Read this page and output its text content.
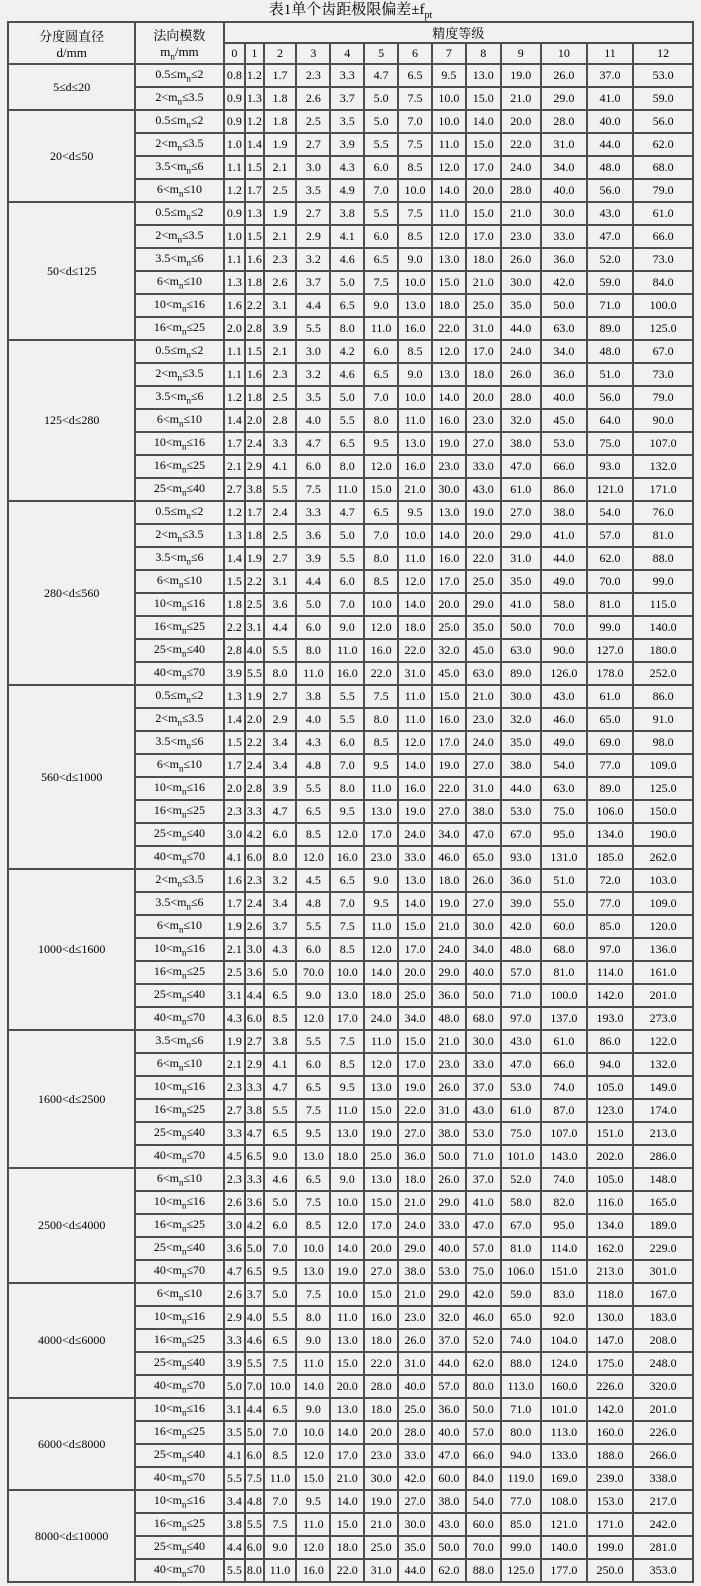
表1单个齿距极限偏差$\pm f_{pt}$
分度圆直径
d/mm

法向模数
$m_n/mm$
	精度等级
		0	1	2	3	4	5	6	7	8	9	10	11	12
5≤d≤20	$0.5\le m_n\le 2$	0.8	1.2	1.7	2.3	3.3	4.7	6.5	9.5	13.0	19.0	26.0	37.0	53.0
	$2<m_n\le 3.5$	0.9	1.3	1.8	2.6	3.7	5.0	7.5	10.0	15.0	21.0	29.0	41.0	59.0
20<d≤50	$0.5\le m_n\le 2$	0.9	1.2	1.8	2.5	3.5	5.0	7.0	10.0	14.0	20.0	28.0	40.0	56.0
	$2<m_n\le 3.5$	1.0	1.4	1.9	2.7	3.9	5.5	7.5	11.0	15.0	22.0	31.0	44.0	62.0
	$3.5<m_n\le 6$	1.1	1.5	2.1	3.0	4.3	6.0	8.5	12.0	17.0	24.0	34.0	48.0	68.0
	$6<m_n\le 10$	1.2	1.7	2.5	3.5	4.9	7.0	10.0	14.0	20.0	28.0	40.0	56.0	79.0
50<d≤125	$0.5\le m_n\le 2$	0.9	1.3	1.9	2.7	3.8	5.5	7.5	11.0	15.0	21.0	30.0	43.0	61.0
	$2<m_n\le 3.5$	1.0	1.5	2.1	2.9	4.1	6.0	8.5	12.0	17.0	23.0	33.0	47.0	66.0
	$3.5<m_n\le 6$	1.1	1.6	2.3	3.2	4.6	6.5	9.0	13.0	18.0	26.0	36.0	52.0	73.0
	$6<m_n\le 10$	1.3	1.8	2.6	3.7	5.0	7.5	10.0	15.0	21.0	30.0	42.0	59.0	84.0
	$10<m_n\le 16$	1.6	2.2	3.1	4.4	6.5	9.0	13.0	18.0	25.0	35.0	50.0	71.0	100.0
	$16<m_n\le 25$	2.0	2.8	3.9	5.5	8.0	11.0	16.0	22.0	31.0	44.0	63.0	89.0	125.0
125<d≤280	$0.5\le m_n\le 2$	1.1	1.5	2.1	3.0	4.2	6.0	8.5	12.0	17.0	24.0	34.0	48.0	67.0
	$2<m_n\le 3.5$	1.1	1.6	2.3	3.2	4.6	6.5	9.0	13.0	18.0	26.0	36.0	51.0	73.0
	$3.5<m_n\le 6$	1.2	1.8	2.5	3.5	5.0	7.0	10.0	14.0	20.0	28.0	40.0	56.0	79.0
	$6<m_n\le 10$	1.4	2.0	2.8	4.0	5.5	8.0	11.0	16.0	23.0	32.0	45.0	64.0	90.0
	$10<m_n\le 16$	1.7	2.4	3.3	4.7	6.5	9.5	13.0	19.0	27.0	38.0	53.0	75.0	107.0
	$16<m_n\le 25$	2.1	2.9	4.1	6.0	8.0	12.0	16.0	23.0	33.0	47.0	66.0	93.0	132.0
	$25<m_n\le 40$	2.7	3.8	5.5	7.5	11.0	15.0	21.0	30.0	43.0	61.0	86.0	121.0	171.0
280<d≤560	$0.5\le m_n\le 2$	1.2	1.7	2.4	3.3	4.7	6.5	9.5	13.0	19.0	27.0	38.0	54.0	76.0
	$2<m_n\le 3.5$	1.3	1.8	2.5	3.6	5.0	7.0	10.0	14.0	20.0	29.0	41.0	57.0	81.0
	$3.5<m_n\le 6$	1.4	1.9	2.7	3.9	5.5	8.0	11.0	16.0	22.0	31.0	44.0	62.0	88.0
	$6<m_n\le 10$	1.5	2.2	3.1	4.4	6.0	8.5	12.0	17.0	25.0	35.0	49.0	70.0	99.0
	$10<m_n\le 16$	1.8	2.5	3.6	5.0	7.0	10.0	14.0	20.0	29.0	41.0	58.0	81.0	115.0
	$16<m_n\le 25$	2.2	3.1	4.4	6.0	9.0	12.0	18.0	25.0	35.0	50.0	70.0	99.0	140.0
	$25<m_n\le 40$	2.8	4.0	5.5	8.0	11.0	16.0	22.0	32.0	45.0	63.0	90.0	127.0	180.0
	$40<m_n\le 70$	3.9	5.5	8.0	11.0	16.0	22.0	31.0	45.0	63.0	89.0	126.0	178.0	252.0
560<d≤1000	$0.5\le m_n\le 2$	1.3	1.9	2.7	3.8	5.5	7.5	11.0	15.0	21.0	30.0	43.0	61.0	86.0
	$2<m_n\le 3.5$	1.4	2.0	2.9	4.0	5.5	8.0	11.0	16.0	23.0	32.0	46.0	65.0	91.0
	$3.5<m_n\le 6$	1.5	2.2	3.4	4.3	6.0	8.5	12.0	17.0	24.0	35.0	49.0	69.0	98.0
	$6<m_n\le 10$	1.7	2.4	3.4	4.8	7.0	9.5	14.0	19.0	27.0	38.0	54.0	77.0	109.0
	$10<m_n\le 16$	2.0	2.8	3.9	5.5	8.0	11.0	16.0	22.0	31.0	44.0	63.0	89.0	125.0
	$16<m_n\le 25$	2.3	3.3	4.7	6.5	9.5	13.0	19.0	27.0	38.0	53.0	75.0	106.0	150.0
	$25<m_n\le 40$	3.0	4.2	6.0	8.5	12.0	17.0	24.0	34.0	47.0	67.0	95.0	134.0	190.0
	$40<m_n\le 70$	4.1	6.0	8.0	12.0	16.0	23.0	33.0	46.0	65.0	93.0	131.0	185.0	262.0
1000<d≤1600	$2<m_n\le 3.5$	1.6	2.3	3.2	4.5	6.5	9.0	13.0	18.0	26.0	36.0	51.0	72.0	103.0
	$3.5<m_n\le 6$	1.7	2.4	3.4	4.8	7.0	9.5	14.0	19.0	27.0	39.0	55.0	77.0	109.0
	$6<m_n\le 10$	1.9	2.6	3.7	5.5	7.5	11.0	15.0	21.0	30.0	42.0	60.0	85.0	120.0
	$10<m_n\le 16$	2.1	3.0	4.3	6.0	8.5	12.0	17.0	24.0	34.0	48.0	68.0	97.0	136.0
	$16<m_n\le 25$	2.5	3.6	5.0	70.0	10.0	14.0	20.0	29.0	40.0	57.0	81.0	114.0	161.0
	$25<m_n\le 40$	3.1	4.4	6.5	9.0	13.0	18.0	25.0	36.0	50.0	71.0	100.0	142.0	201.0
	$40<m_n\le 70$	4.3	6.0	8.5	12.0	17.0	24.0	34.0	48.0	68.0	97.0	137.0	193.0	273.0
1600<d≤2500	$3.5<m_n\le 6$	1.9	2.7	3.8	5.5	7.5	11.0	15.0	21.0	30.0	43.0	61.0	86.0	122.0
	$6<m_n\le 10$	2.1	2.9	4.1	6.0	8.5	12.0	17.0	23.0	33.0	47.0	66.0	94.0	132.0
	$10<m_n\le 16$	2.3	3.3	4.7	6.5	9.5	13.0	19.0	26.0	37.0	53.0	74.0	105.0	149.0
	$16<m_n\le 25$	2.7	3.8	5.5	7.5	11.0	15.0	22.0	31.0	43.0	61.0	87.0	123.0	174.0
	$25<m_n\le 40$	3.3	4.7	6.5	9.5	13.0	19.0	27.0	38.0	53.0	75.0	107.0	151.0	213.0
	$40<m_n\le 70$	4.5	6.5	9.0	13.0	18.0	25.0	36.0	50.0	71.0	101.0	143.0	202.0	286.0
2500<d≤4000	$6<m_n\le 10$	2.3	3.3	4.6	6.5	9.0	13.0	18.0	26.0	37.0	52.0	74.0	105.0	148.0
	$10<m_n\le 16$	2.6	3.6	5.0	7.5	10.0	15.0	21.0	29.0	41.0	58.0	82.0	116.0	165.0
	$16<m_n\le 25$	3.0	4.2	6.0	8.5	12.0	17.0	24.0	33.0	47.0	67.0	95.0	134.0	189.0
	$25<m_n\le 40$	3.6	5.0	7.0	10.0	14.0	20.0	29.0	40.0	57.0	81.0	114.0	162.0	229.0
	$40<m_n\le 70$	4.7	6.5	9.5	13.0	19.0	27.0	38.0	53.0	75.0	106.0	151.0	213.0	301.0
4000<d≤6000	$6<m_n\le 10$	2.6	3.7	5.0	7.5	10.0	15.0	21.0	29.0	42.0	59.0	83.0	118.0	167.0
	$10<m_n\le 16$	2.9	4.0	5.5	8.0	11.0	16.0	23.0	32.0	46.0	65.0	92.0	130.0	183.0
	$16<m_n\le 25$	3.3	4.6	6.5	9.0	13.0	18.0	26.0	37.0	52.0	74.0	104.0	147.0	208.0
	$25<m_n\le 40$	3.9	5.5	7.5	11.0	15.0	22.0	31.0	44.0	62.0	88.0	124.0	175.0	248.0
	$40<m_n\le 70$	5.0	7.0	10.0	14.0	20.0	28.0	40.0	57.0	80.0	113.0	160.0	226.0	320.0
6000<d≤8000	$10<m_n\le 16$	3.1	4.4	6.5	9.0	13.0	18.0	25.0	36.0	50.0	71.0	101.0	142.0	201.0
	$16<m_n\le 25$	3.5	5.0	7.0	10.0	14.0	20.0	28.0	40.0	57.0	80.0	113.0	160.0	226.0
	$25<m_n\le 40$	4.1	6.0	8.5	12.0	17.0	23.0	33.0	47.0	66.0	94.0	133.0	188.0	266.0
	$40<m_n\le 70$	5.5	7.5	11.0	15.0	21.0	30.0	42.0	60.0	84.0	119.0	169.0	239.0	338.0
8000<d≤10000	$10<m_n\le 16$	3.4	4.8	7.0	9.5	14.0	19.0	27.0	38.0	54.0	77.0	108.0	153.0	217.0
	$16<m_n\le 25$	3.8	5.5	7.5	11.0	15.0	21.0	30.0	43.0	60.0	85.0	121.0	171.0	242.0
	$25<m_n\le 40$	4.4	6.0	9.0	12.0	18.0	25.0	35.0	50.0	70.0	99.0	140.0	199.0	281.0
	$40<m_n\le 70$	5.5	8.0	11.0	16.0	22.0	31.0	44.0	62.0	88.0	125.0	177.0	250.0	353.0
